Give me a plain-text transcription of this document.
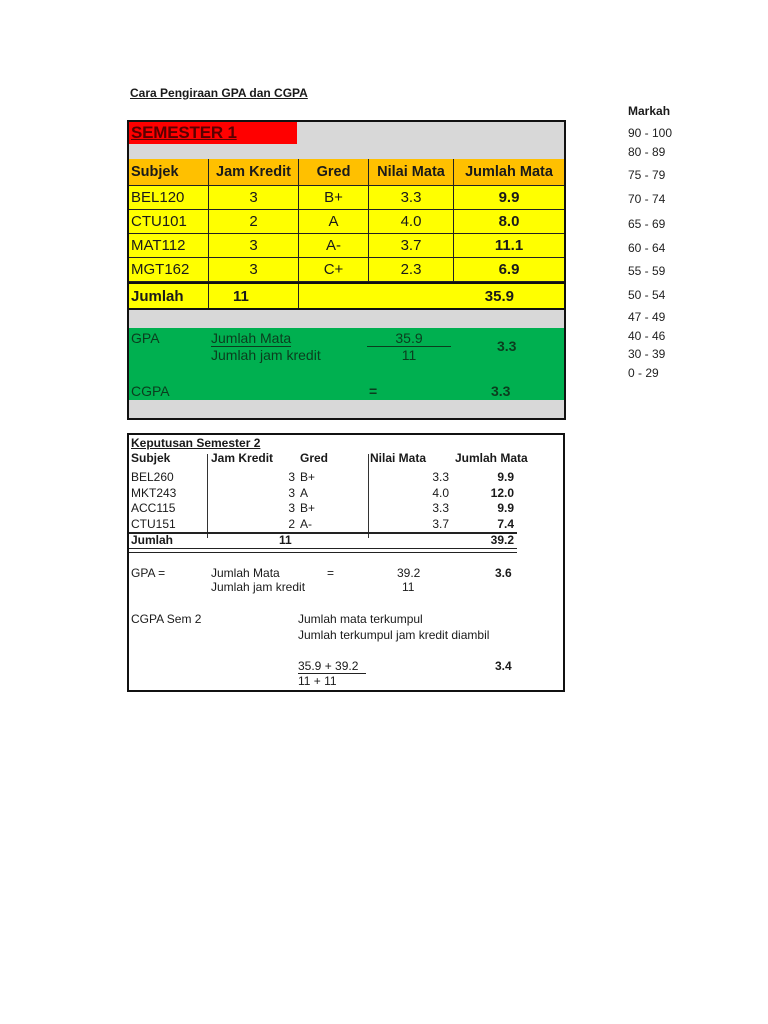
Cara Pengiraan GPA dan CGPA
SEMESTER 1
Subjek	Jam Kredit	Gred	Nilai Mata	Jumlah Mata
BEL120	3	B+	3.3	9.9
CTU101	2	A	4.0	8.0
MAT112	3	A-	3.7	11.1
MGT162	3	C+	2.3	6.9
Jumlah	11	35.9
GPA	Jumlah Mata
Jumlah jam kredit
35.9
11
3.3
CGPA	=	3.3
Markah
90 - 100
80 - 89
75 - 79
70 - 74
65 - 69
60 - 64
55 - 59
50 - 54
47 - 49
40 - 46
30 - 39
0 - 29
Keputusan Semester 2
Subjek	Jam Kredit Gred	Nilai Mata Jumlah Mata
BEL260	3 B+	3.3	9.9
MKT243	3 A	4.0	12.0
ACC115	3 B+	3.3	9.9
CTU151	2 A-	3.7	7.4
Jumlah	11	39.2
GPA =	Jumlah Mata
Jumlah jam kredit
=	39.2
11
3.6
CGPA Sem 2	Jumlah mata terkumpul
Jumlah terkumpul jam kredit diambil
35.9 + 39.2
11 + 11
3.4
